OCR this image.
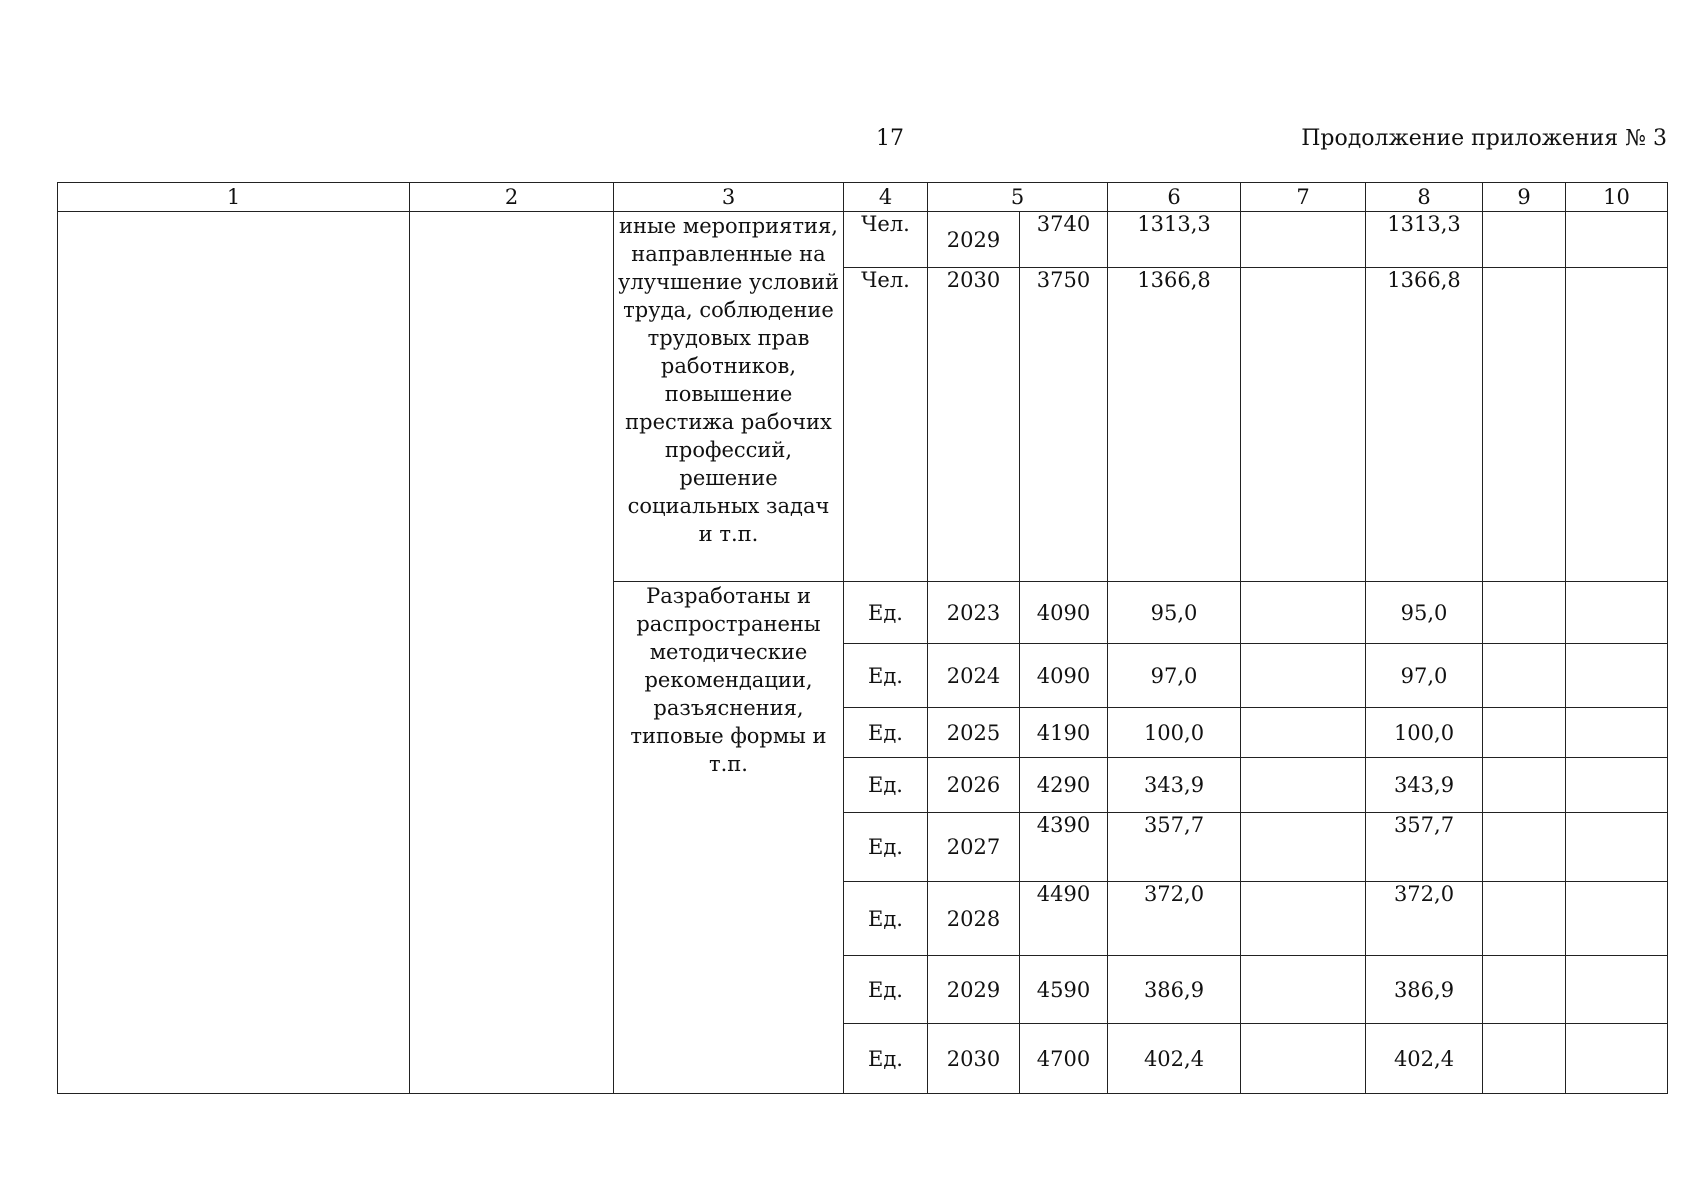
17	Продолжение приложения № 3
1	2	3	4	5		6	7	8	9	10
		иные мероприятия, направленные на улучшение условий труда, соблюдение трудовых прав работников, повышение престижа рабочих профессий, решение социальных задач и т.п.	Чел.	2029	3740	1313,3		1313,3		
			Чел.	2030	3750	1366,8		1366,8		
		Разработаны и распространены методические рекомендации, разъяснения, типовые формы и т.п.	Ед.	2023	4090	95,0		95,0		
			Ед.	2024	4090	97,0		97,0		
			Ед.	2025	4190	100,0		100,0		
			Ед.	2026	4290	343,9		343,9		
			Ед.	2027	4390	357,7		357,7		
			Ед.	2028	4490	372,0		372,0		
			Ед.	2029	4590	386,9		386,9		
			Ед.	2030	4700	402,4		402,4		
